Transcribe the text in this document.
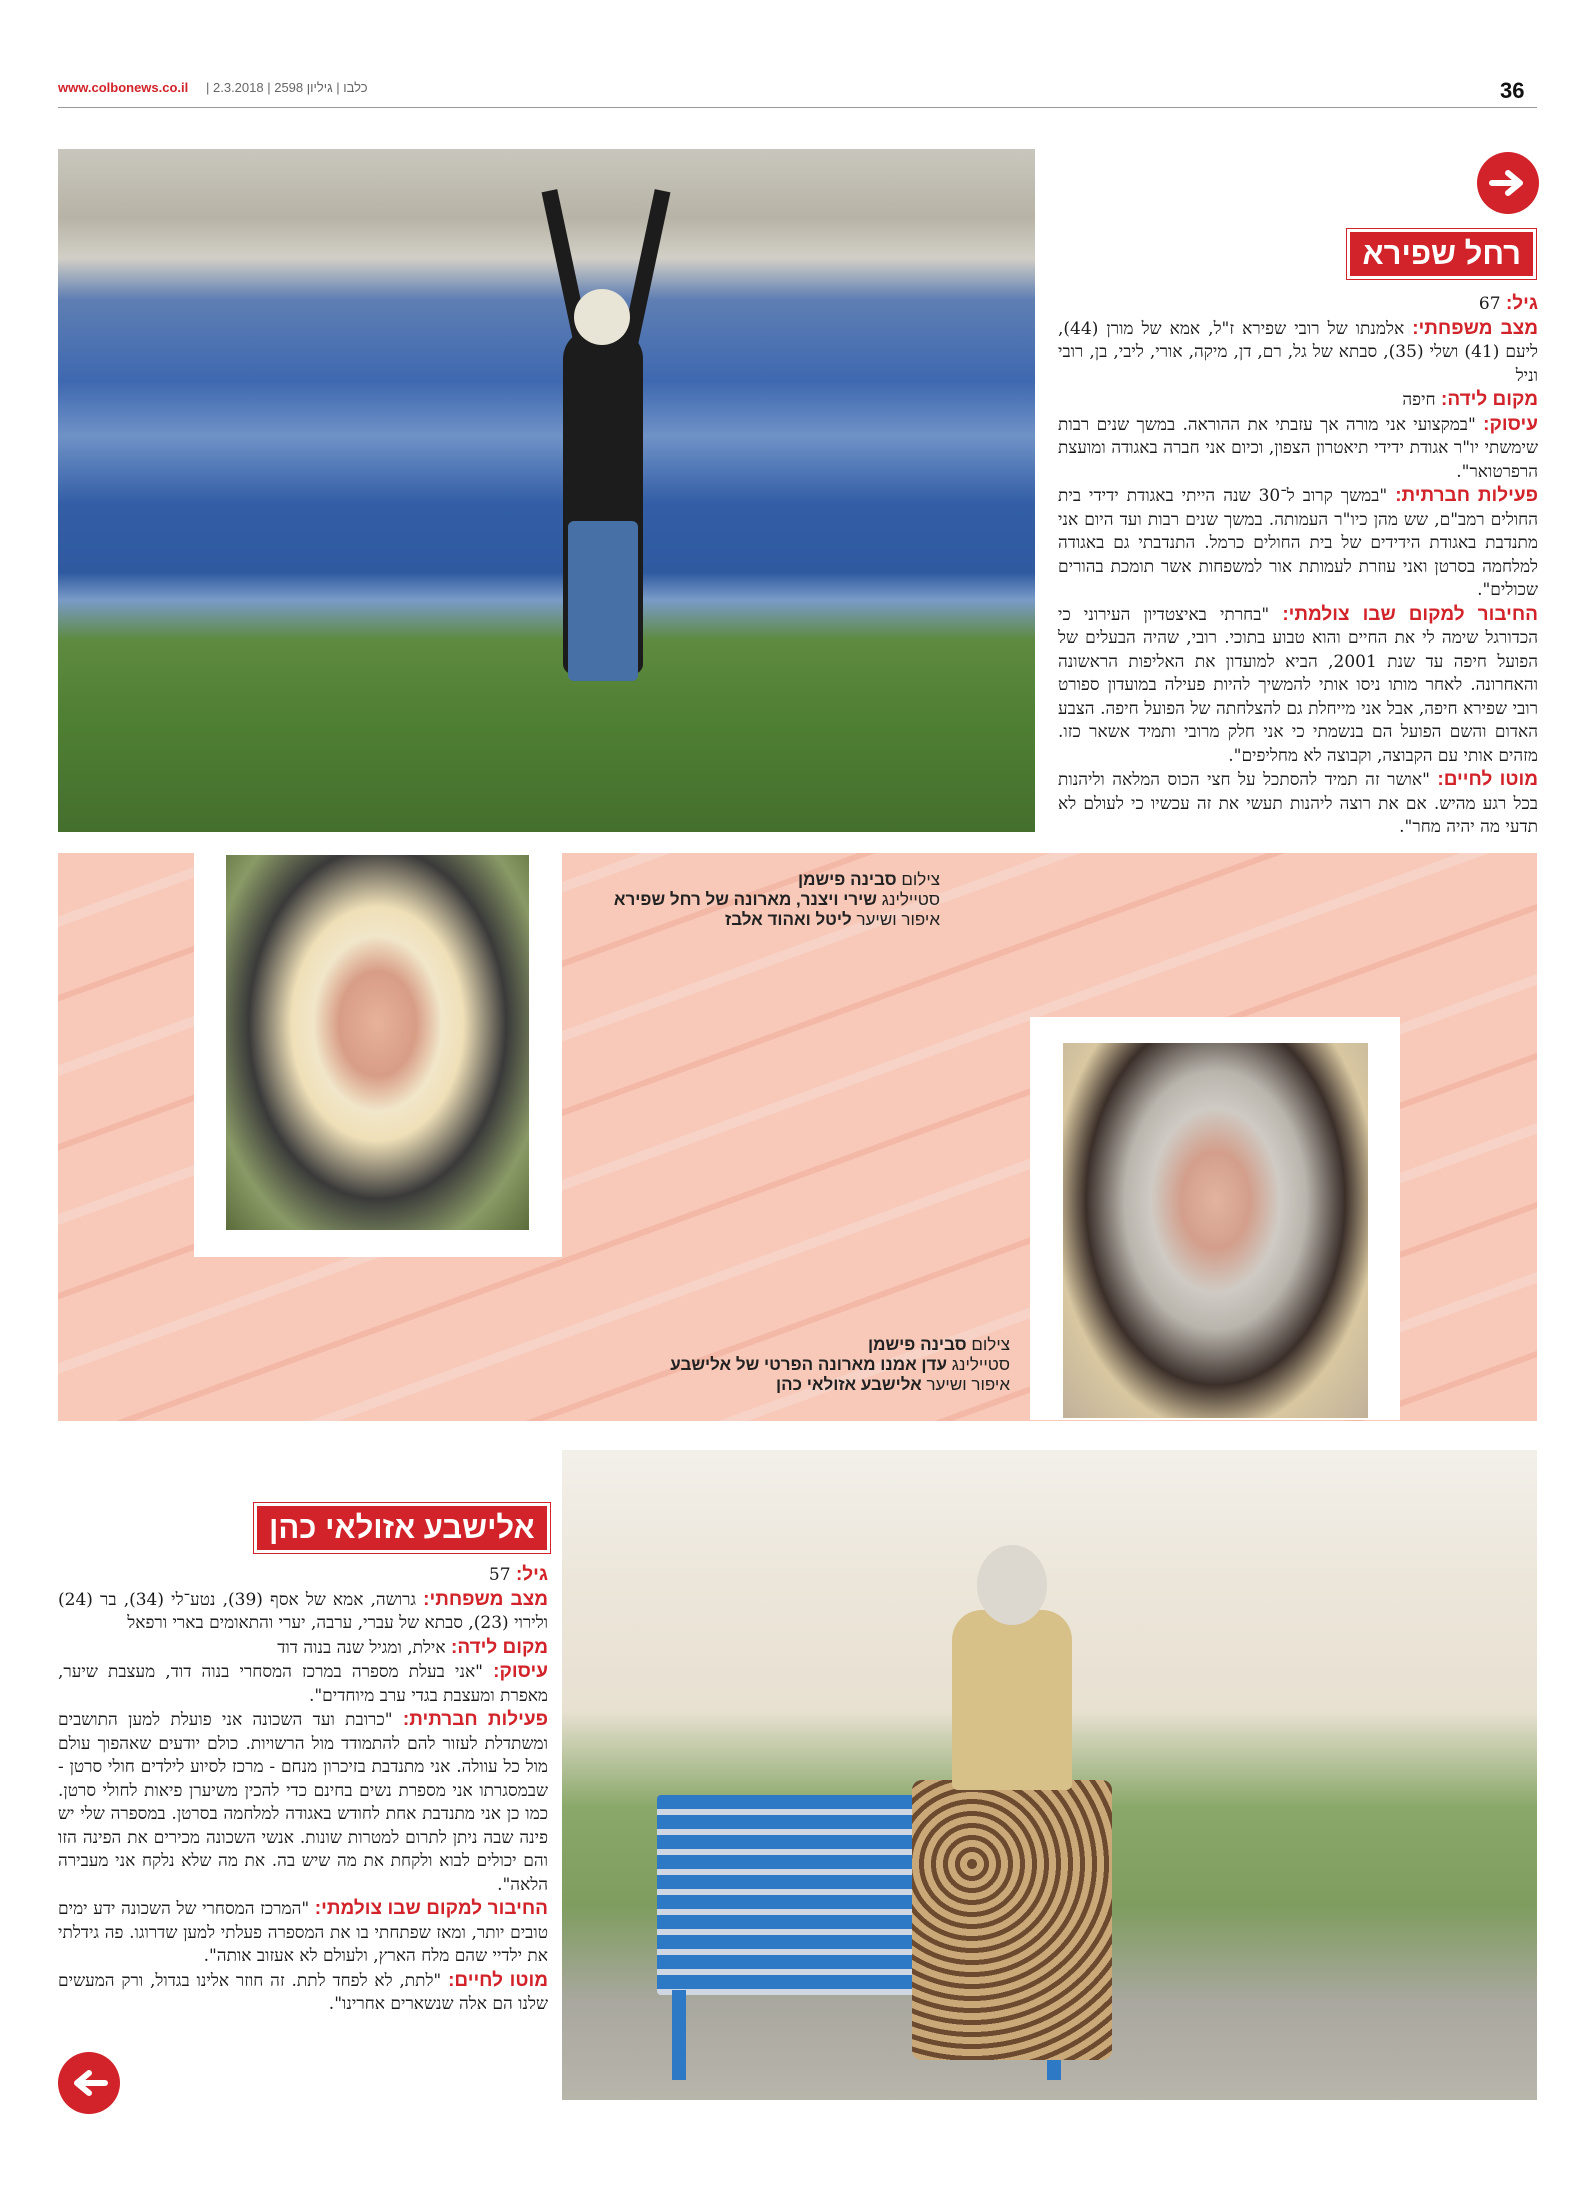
www.colbonews.co.il | כלבו | גיליון 2598 | 2.3.2018	36
רחל שפירא

גיל: 67

מצב משפחתי: אלמנתו של רובי שפירא ז"ל, אמא של מורן (44), ליעם (41) ושלי (35), סבתא של גל, רם, דן, מיקה, אורי, ליבי, בן, רובי וניל

מקום לידה: חיפה

עיסוק: "במקצועי אני מורה אך עזבתי את ההוראה. במשך שנים רבות שימשתי יו"ר אגודת ידידי תיאטרון הצפון, וכיום אני חברה באגודה ומועצת הרפרטואר".

פעילות חברתית: "במשך קרוב ל־30 שנה הייתי באגודת ידידי בית החולים רמב"ם, שש מהן כיו"ר העמותה. במשך שנים רבות ועד היום אני מתנדבת באגודת הידידים של בית החולים כרמל. התנדבתי גם באגודה למלחמה בסרטן ואני עוזרת לעמותת אור למשפחות אשר תומכת בהורים שכולים".

החיבור למקום שבו צולמתי: "בחרתי באיצטדיון העירוני כי הכדורגל שימה לי את החיים והוא טבוע בתוכי. רובי, שהיה הבעלים של הפועל חיפה עד שנת 2001, הביא למועדון את האליפות הראשונה והאחרונה. לאחר מותו ניסו אותי להמשיך להיות פעילה במועדון ספורט רובי שפירא חיפה, אבל אני מייחלת גם להצלחתה של הפועל חיפה. הצבע האדום והשם הפועל הם בנשמתי כי אני חלק מרובי ותמיד אשאר כזו. מזהים אותי עם הקבוצה, וקבוצה לא מחליפים".

מוטו לחיים: "אושר זה תמיד להסתכל על חצי הכוס המלאה וליהנות בכל רגע מהיש. אם את רוצה ליהנות תעשי את זה עכשיו כי לעולם לא תדעי מה יהיה מחר".

צילום סבינה פישמן
סטיילינג שירי ויצנר, מארונה של רחל שפירא
איפור ושיער ליטל ואהוד אלבז
צילום סבינה פישמן
סטיילינג עדן אמנו מארונה הפרטי של אלישבע
איפור ושיער אלישבע אזולאי כהן
אלישבע אזולאי כהן

גיל: 57

מצב משפחתי: גרושה, אמא של אסף (39), נטע־לי (34), בר (24) ולירוי (23), סבתא של עברי, ערבה, יערי והתאומים בארי ורפאל

מקום לידה: אילת, ומגיל שנה בנוה דוד

עיסוק: "אני בעלת מספרה במרכז המסחרי בנוה דוד, מעצבת שיער, מאפרת ומעצבת בגדי ערב מיוחדים".

פעילות חברתית: "כרובת ועד השכונה אני פועלת למען התושבים ומשתדלת לעזור להם להתמודד מול הרשויות. כולם יודעים שאהפוך עולם מול כל עוולה. אני מתנדבת בזיכרון מנחם - מרכז לסיוע לילדים חולי סרטן - שבמסגרתו אני מספרת נשים בחינם כדי להכין משיערן פיאות לחולי סרטן. כמו כן אני מתנדבת אחת לחודש באגודה למלחמה בסרטן. במספרה שלי יש פינה שבה ניתן לתרום למטרות שונות. אנשי השכונה מכירים את הפינה הזו והם יכולים לבוא ולקחת את מה שיש בה. את מה שלא נלקח אני מעבירה הלאה".

החיבור למקום שבו צולמתי: "המרכז המסחרי של השכונה ידע ימים טובים יותר, ומאז שפתחתי בו את המספרה פעלתי למען שדרוגו. פה גידלתי את ילדיי שהם מלח הארץ, ולעולם לא אעזוב אותה".

מוטו לחיים: "לתת, לא לפחד לתת. זה חוזר אלינו בגדול, ורק המעשים שלנו הם אלה שנשארים אחרינו".
